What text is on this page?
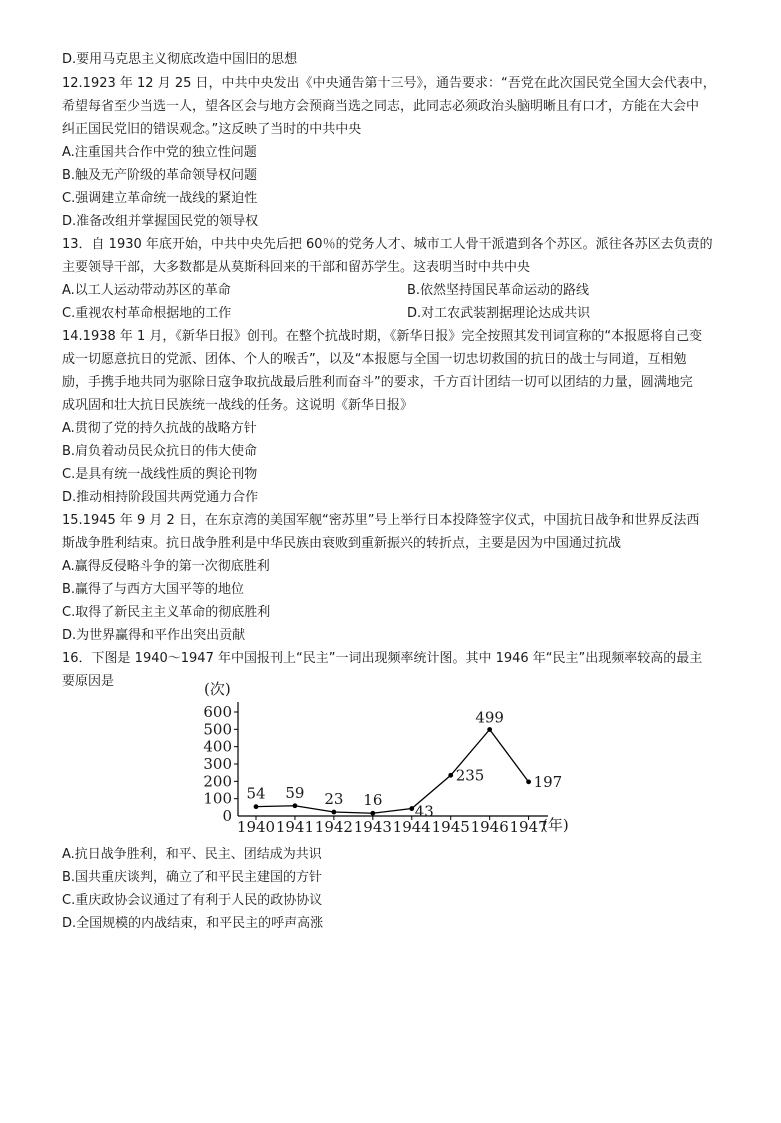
D.要用马克思主义彻底改造中国旧的思想
12.1923 年 12 月 25 日，中共中央发出《中央通告第十三号》，通告要求：“吾党在此次国民党全国大会代表中，
希望每省至少当选一人，望各区会与地方会预商当选之同志，此同志必须政治头脑明晰且有口才，方能在大会中
纠正国民党旧的错误观念。”这反映了当时的中共中央
A.注重国共合作中党的独立性问题
B.触及无产阶级的革命领导权问题
C.强调建立革命统一战线的紧迫性
D.准备改组并掌握国民党的领导权
13．自 1930 年底开始，中共中央先后把 60％的党务人才、城市工人骨干派遣到各个苏区。派往各苏区去负责的
主要领导干部，大多数都是从莫斯科回来的干部和留苏学生。这表明当时中共中央
A.以工人运动带动苏区的革命	B.依然坚持国民革命运动的路线
C.重视农村革命根据地的工作	D.对工农武装割据理论达成共识
14.1938 年 1 月，《新华日报》创刊。在整个抗战时期，《新华日报》完全按照其发刊词宣称的“本报愿将自己变
成一切愿意抗日的党派、团体、个人的喉舌”，以及“本报愿与全国一切忠切救国的抗日的战士与同道，互相勉
励，手携手地共同为驱除日寇争取抗战最后胜利而奋斗”的要求，千方百计团结一切可以团结的力量，圆满地完
成巩固和壮大抗日民族统一战线的任务。这说明《新华日报》
A.贯彻了党的持久抗战的战略方针
B.肩负着动员民众抗日的伟大使命
C.是具有统一战线性质的舆论刊物
D.推动相持阶段国共两党通力合作
15.1945 年 9 月 2 日，在东京湾的美国军舰“密苏里”号上举行日本投降签字仪式，中国抗日战争和世界反法西
斯战争胜利结束。抗日战争胜利是中华民族由衰败到重新振兴的转折点，主要是因为中国通过抗战
A.赢得反侵略斗争的第一次彻底胜利
B.赢得了与西方大国平等的地位
C.取得了新民主主义革命的彻底胜利
D.为世界赢得和平作出突出贡献
16．下图是 1940～1947 年中国报刊上“民主”一词出现频率统计图。其中 1946 年“民主”出现频率较高的最主
要原因是	(次)
0
100
200
300
400
500
600
1940 1941 1942 1943 1944 1945 1946 1947
54 59 23 16
43
235
499
197
(年)
A.抗日战争胜利，和平、民主、团结成为共识
B.国共重庆谈判，确立了和平民主建国的方针
C.重庆政协会议通过了有利于人民的政协协议
D.全国规模的内战结束，和平民主的呼声高涨
